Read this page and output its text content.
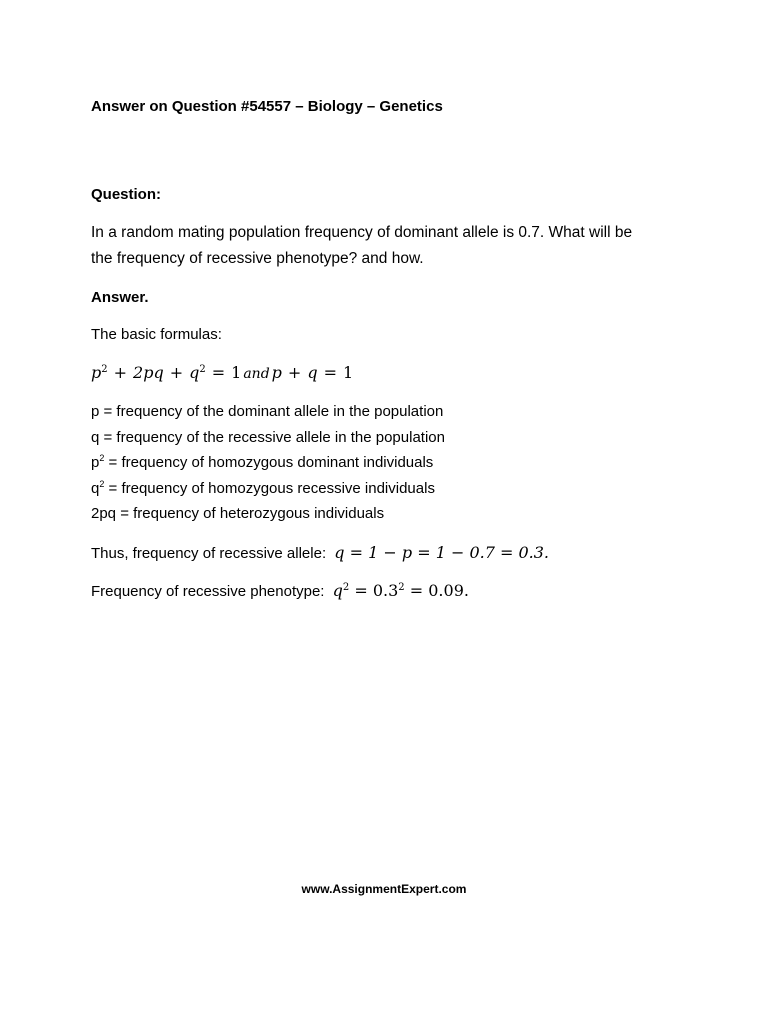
Answer on Question #54557 – Biology – Genetics
Question:
In a random mating population frequency of dominant allele is 0.7. What will be
the frequency of recessive phenotype? and how.
Answer.
The basic formulas:
$p^2 + 2pq + q^2 = 1$ and p + q = 1
p = frequency of the dominant allele in the population
q = frequency of the recessive allele in the population
$p^2$ = frequency of homozygous dominant individuals
$q^2$ = frequency of homozygous recessive individuals
2pq = frequency of heterozygous individuals
Thus, frequency of recessive allele: q = 1 − p = 1 − 0.7 = 0.3.
Frequency of recessive phenotype: $q^2 = 0.3^2 = 0.09$.
www.AssignmentExpert.com
